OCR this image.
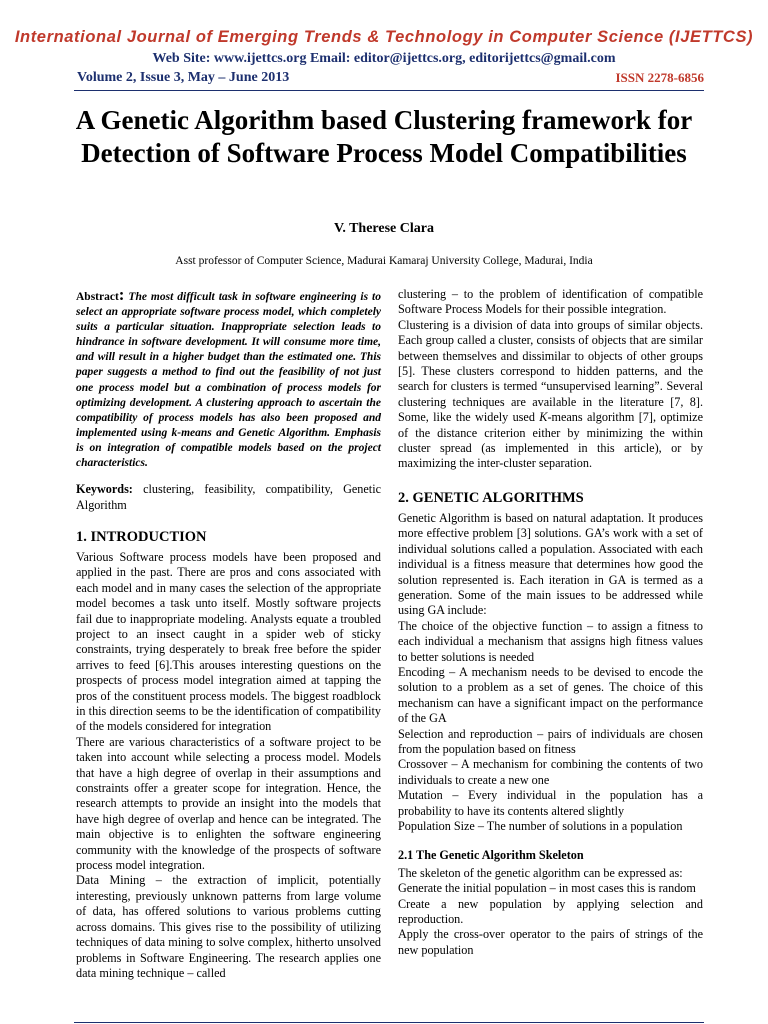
International Journal of Emerging Trends & Technology in Computer Science (IJETTCS)
Web Site: www.ijettcs.org Email: editor@ijettcs.org, editorijettcs@gmail.com
Volume 2, Issue 3, May – June 2013	ISSN 2278-6856
A Genetic Algorithm based Clustering framework for Detection of Software Process Model Compatibilities
V. Therese Clara
Asst professor of Computer Science, Madurai Kamaraj University College, Madurai, India

Abstract: The most difficult task in software engineering is to select an appropriate software process model, which completely suits a particular situation. Inappropriate selection leads to hindrance in software development. It will consume more time, and will result in a higher budget than the estimated one. This paper suggests a method to find out the feasibility of not just one process model but a combination of process models for optimizing development. A clustering approach to ascertain the compatibility of process models has also been proposed and implemented using k-means and Genetic Algorithm. Emphasis is on integration of compatible models based on the project characteristics.

Keywords: clustering, feasibility, compatibility, Genetic Algorithm

1. INTRODUCTION

Various Software process models have been proposed and applied in the past. There are pros and cons associated with each model and in many cases the selection of the appropriate model becomes a task unto itself. Mostly software projects fail due to inappropriate modeling. Analysts equate a troubled project to an insect caught in a spider web of sticky constraints, trying desperately to break free before the spider arrives to feed [6].This arouses interesting questions on the prospects of process model integration aimed at tapping the pros of the constituent process models. The biggest roadblock in this direction seems to be the identification of compatibility of the models considered for integration

There are various characteristics of a software project to be taken into account while selecting a process model. Models that have a high degree of overlap in their assumptions and constraints offer a greater scope for integration. Hence, the research attempts to provide an insight into the models that have high degree of overlap and hence can be integrated. The main objective is to enlighten the software engineering community with the knowledge of the prospects of software process model integration.

Data Mining – the extraction of implicit, potentially interesting, previously unknown patterns from large volume of data, has offered solutions to various problems cutting across domains. This gives rise to the possibility of utilizing techniques of data mining to solve complex, hitherto unsolved problems in Software Engineering. The research applies one data mining technique – called

clustering – to the problem of identification of compatible Software Process Models for their possible integration.

Clustering is a division of data into groups of similar objects. Each group called a cluster, consists of objects that are similar between themselves and dissimilar to objects of other groups [5]. These clusters correspond to hidden patterns, and the search for clusters is termed “unsupervised learning”. Several clustering techniques are available in the literature [7, 8]. Some, like the widely used K-means algorithm [7], optimize of the distance criterion either by minimizing the within cluster spread (as implemented in this article), or by maximizing the inter-cluster separation.

2. GENETIC ALGORITHMS

Genetic Algorithm is based on natural adaptation. It produces more effective problem [3] solutions. GA’s work with a set of individual solutions called a population. Associated with each individual is a fitness measure that determines how good the solution represented is. Each iteration in GA is termed as a generation. Some of the main issues to be addressed while using GA include:

The choice of the objective function – to assign a fitness to each individual a mechanism that assigns high fitness values to better solutions is needed

Encoding – A mechanism needs to be devised to encode the solution to a problem as a set of genes. The choice of this mechanism can have a significant impact on the performance of the GA

Selection and reproduction – pairs of individuals are chosen from the population based on fitness

Crossover – A mechanism for combining the contents of two individuals to create a new one

Mutation – Every individual in the population has a probability to have its contents altered slightly

Population Size – The number of solutions in a population

2.1 The Genetic Algorithm Skeleton

The skeleton of the genetic algorithm can be expressed as:

Generate the initial population – in most cases this is random

Create a new population by applying selection and reproduction.

Apply the cross-over operator to the pairs of strings of the new population
